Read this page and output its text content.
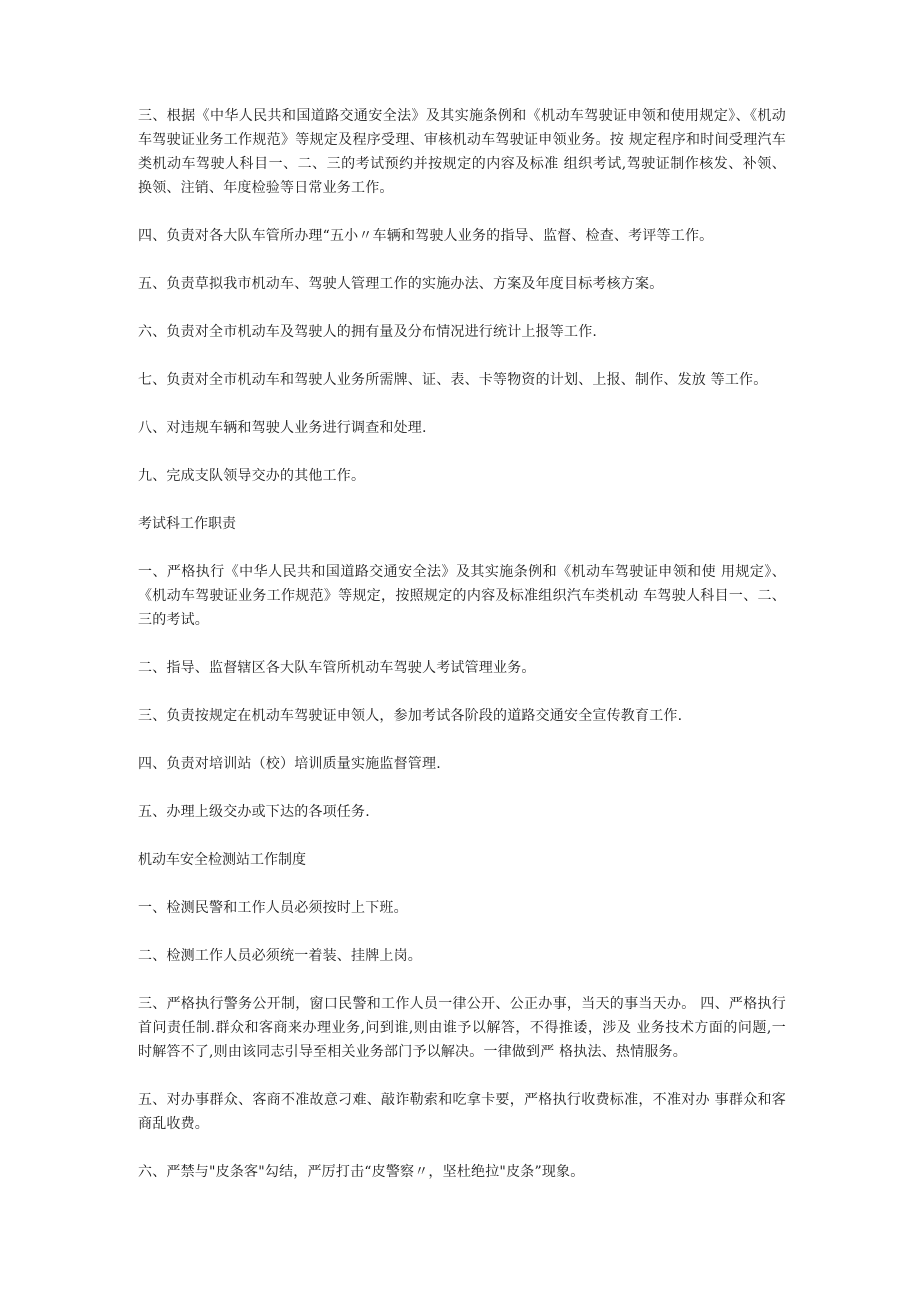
三、根据《中华人民共和国道路交通安全法》及其实施条例和《机动车驾驶证申领和使用规定》、《机动车驾驶证业务工作规范》等规定及程序受理、审核机动车驾驶证申领业务。按 规定程序和时间受理汽车类机动车驾驶人科目一、二、三的考试预约并按规定的内容及标准 组织考试,驾驶证制作核发、补领、换领、注销、年度检验等日常业务工作。

四、负责对各大队车管所办理“五小〃车辆和驾驶人业务的指导、监督、检查、考评等工作。

五、负责草拟我市机动车、驾驶人管理工作的实施办法、方案及年度目标考核方案。

六、负责对全市机动车及驾驶人的拥有量及分布情况进行统计上报等工作.

七、负责对全市机动车和驾驶人业务所需牌、证、表、卡等物资的计划、上报、制作、发放 等工作。

八、对违规车辆和驾驶人业务进行调查和处理.

九、完成支队领导交办的其他工作。

考试科工作职责

一、严格执行《中华人民共和国道路交通安全法》及其实施条例和《机动车驾驶证申领和使 用规定》、《机动车驾驶证业务工作规范》等规定，按照规定的内容及标准组织汽车类机动 车驾驶人科目一、二、三的考试。

二、指导、监督辖区各大队车管所机动车驾驶人考试管理业务。

三、负责按规定在机动车驾驶证申领人，参加考试各阶段的道路交通安全宣传教育工作.

四、负责对培训站（校）培训质量实施监督管理.

五、办理上级交办或下达的各项任务.

机动车安全检测站工作制度

一、检测民警和工作人员必须按时上下班。

二、检测工作人员必须统一着装、挂牌上岗。

三、严格执行警务公开制，窗口民警和工作人员一律公开、公正办事，当天的事当天办。 四、严格执行首问责任制.群众和客商来办理业务,问到谁,则由谁予以解答，不得推诿，涉及 业务技术方面的问题,一时解答不了,则由该同志引导至相关业务部门予以解决。一律做到严 格执法、热情服务。

五、对办事群众、客商不准故意刁难、敲诈勒索和吃拿卡要，严格执行收费标准，不准对办 事群众和客商乱收费。

六、严禁与"皮条客"勾结，严厉打击“皮警察〃，坚杜绝拉"皮条”现象。
